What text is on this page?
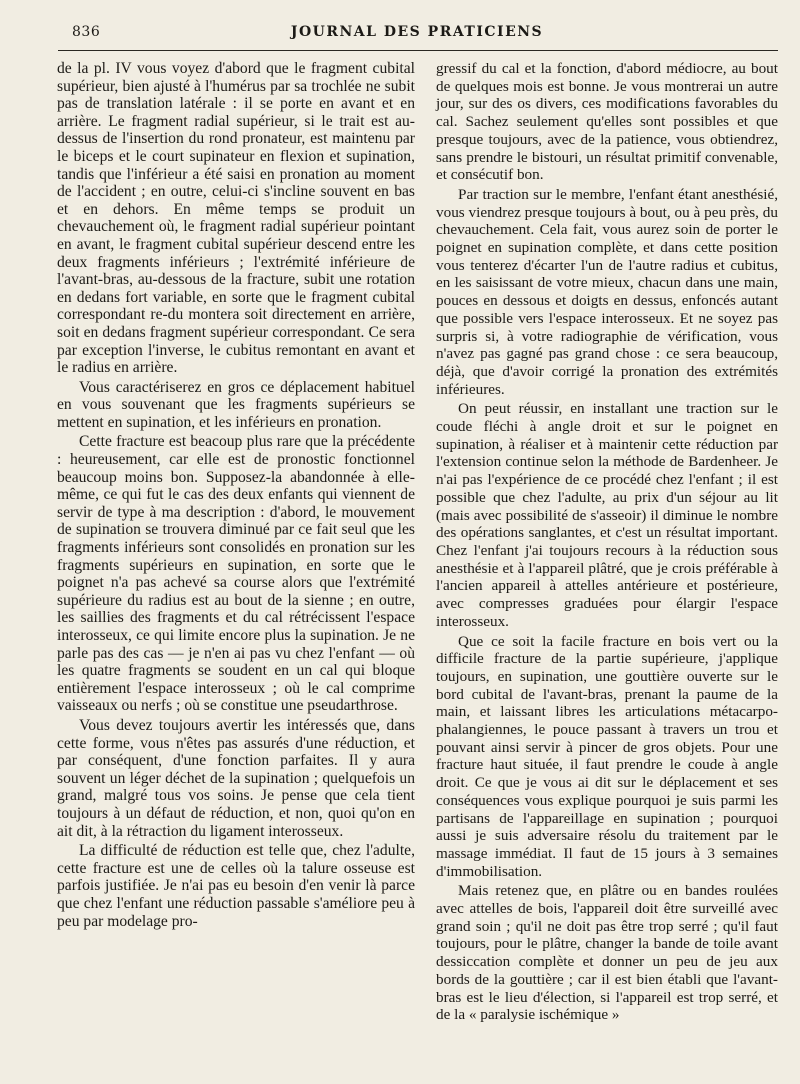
836	JOURNAL DES PRATICIENS

de la pl. IV vous voyez d'abord que le fragment cubital supérieur, bien ajusté à l'humérus par sa trochlée ne subit pas de translation latérale : il se porte en avant et en arrière. Le fragment radial supérieur, si le trait est au-dessus de l'insertion du rond pronateur, est maintenu par le biceps et le court supinateur en flexion et supination, tandis que l'inférieur a été saisi en pronation au moment de l'accident ; en outre, celui-ci s'incline souvent en bas et en dehors. En même temps se produit un chevauchement où, le fragment radial supérieur pointant en avant, le fragment cubital supérieur descend entre les deux fragments inférieurs ; l'extrémité inférieure de l'avant-bras, au-dessous de la fracture, subit une rotation en dedans fort variable, en sorte que le fragment cubital correspondant re-du montera soit directement en arrière, soit en dedans fragment supérieur correspondant. Ce sera par exception l'inverse, le cubitus remontant en avant et le radius en arrière.

Vous caractériserez en gros ce déplacement habituel en vous souvenant que les fragments supérieurs se mettent en supination, et les inférieurs en pronation.

Cette fracture est beacoup plus rare que la précédente : heureusement, car elle est de pronostic fonctionnel beaucoup moins bon. Supposez-la abandonnée à elle-même, ce qui fut le cas des deux enfants qui viennent de servir de type à ma description : d'abord, le mouvement de supination se trouvera diminué par ce fait seul que les fragments inférieurs sont consolidés en pronation sur les fragments supérieurs en supination, en sorte que le poignet n'a pas achevé sa course alors que l'extrémité supérieure du radius est au bout de la sienne ; en outre, les saillies des fragments et du cal rétrécissent l'espace interosseux, ce qui limite encore plus la supination. Je ne parle pas des cas — je n'en ai pas vu chez l'enfant — où les quatre fragments se soudent en un cal qui bloque entièrement l'espace interosseux ; où le cal comprime vaisseaux ou nerfs ; où se constitue une pseudarthrose.

Vous devez toujours avertir les intéressés que, dans cette forme, vous n'êtes pas assurés d'une réduction, et par conséquent, d'une fonction parfaites. Il y aura souvent un léger déchet de la supination ; quelquefois un grand, malgré tous vos soins. Je pense que cela tient toujours à un défaut de réduction, et non, quoi qu'on en ait dit, à la rétraction du ligament interosseux.

La difficulté de réduction est telle que, chez l'adulte, cette fracture est une de celles où la talure osseuse est parfois justifiée. Je n'ai pas eu besoin d'en venir là parce que chez l'enfant une réduction passable s'améliore peu à peu par modelage pro-

gressif du cal et la fonction, d'abord médiocre, au bout de quelques mois est bonne. Je vous montrerai un autre jour, sur des os divers, ces modifications favorables du cal. Sachez seulement qu'elles sont possibles et que presque toujours, avec de la patience, vous obtiendrez, sans prendre le bistouri, un résultat primitif convenable, et consécutif bon.

Par traction sur le membre, l'enfant étant anesthésié, vous viendrez presque toujours à bout, ou à peu près, du chevauchement. Cela fait, vous aurez soin de porter le poignet en supination complète, et dans cette position vous tenterez d'écarter l'un de l'autre radius et cubitus, en les saisissant de votre mieux, chacun dans une main, pouces en dessous et doigts en dessus, enfoncés autant que possible vers l'espace interosseux. Et ne soyez pas surpris si, à votre radiographie de vérification, vous n'avez pas gagné pas grand chose : ce sera beaucoup, déjà, que d'avoir corrigé la pronation des extrémités inférieures.

On peut réussir, en installant une traction sur le coude fléchi à angle droit et sur le poignet en supination, à réaliser et à maintenir cette réduction par l'extension continue selon la méthode de Bardenheer. Je n'ai pas l'expérience de ce procédé chez l'enfant ; il est possible que chez l'adulte, au prix d'un séjour au lit (mais avec possibilité de s'asseoir) il diminue le nombre des opérations sanglantes, et c'est un résultat important. Chez l'enfant j'ai toujours recours à la réduction sous anesthésie et à l'appareil plâtré, que je crois préférable à l'ancien appareil à attelles antérieure et postérieure, avec compresses graduées pour élargir l'espace interosseux.

Que ce soit la facile fracture en bois vert ou la difficile fracture de la partie supérieure, j'applique toujours, en supination, une gouttière ouverte sur le bord cubital de l'avant-bras, prenant la paume de la main, et laissant libres les articulations métacarpo-phalangiennes, le pouce passant à travers un trou et pouvant ainsi servir à pincer de gros objets. Pour une fracture haut située, il faut prendre le coude à angle droit. Ce que je vous ai dit sur le déplacement et ses conséquences vous explique pourquoi je suis parmi les partisans de l'appareillage en supination ; pourquoi aussi je suis adversaire résolu du traitement par le massage immédiat. Il faut de 15 jours à 3 semaines d'immobilisation.

Mais retenez que, en plâtre ou en bandes roulées avec attelles de bois, l'appareil doit être surveillé avec grand soin ; qu'il ne doit pas être trop serré ; qu'il faut toujours, pour le plâtre, changer la bande de toile avant dessiccation complète et donner un peu de jeu aux bords de la gouttière ; car il est bien établi que l'avant-bras est le lieu d'élection, si l'appareil est trop serré, et de la « paralysie ischémique »
